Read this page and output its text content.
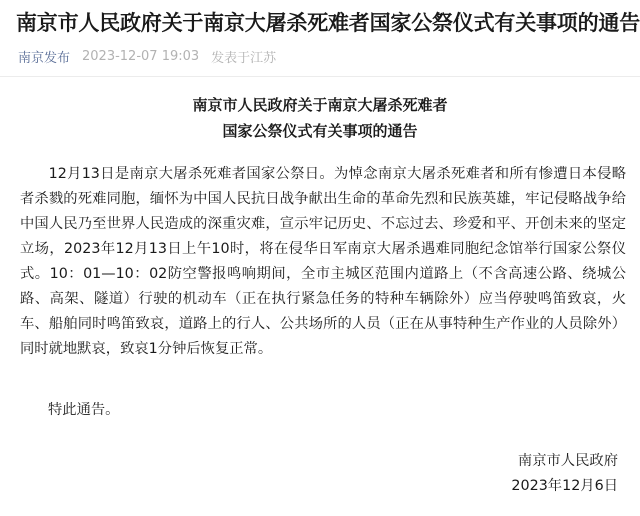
南京市人民政府关于南京大屠杀死难者国家公祭仪式有关事项的通告
南京发布 2023-12-07 19:03 发表于江苏
南京市人民政府关于南京大屠杀死难者
国家公祭仪式有关事项的通告
12月13日是南京大屠杀死难者国家公祭日。为悼念南京大屠杀死难者和所有惨遭日本侵略者杀戮的死难同胞，缅怀为中国人民抗日战争献出生命的革命先烈和民族英雄，牢记侵略战争给中国人民乃至世界人民造成的深重灾难，宣示牢记历史、不忘过去、珍爱和平、开创未来的坚定立场，2023年12月13日上午10时，将在侵华日军南京大屠杀遇难同胞纪念馆举行国家公祭仪式。10：01—10：02防空警报鸣响期间，全市主城区范围内道路上（不含高速公路、绕城公路、高架、隧道）行驶的机动车（正在执行紧急任务的特种车辆除外）应当停驶鸣笛致哀，火车、船舶同时鸣笛致哀，道路上的行人、公共场所的人员（正在从事特种生产作业的人员除外）同时就地默哀，致哀1分钟后恢复正常。
特此通告。
南京市人民政府
2023年12月6日
